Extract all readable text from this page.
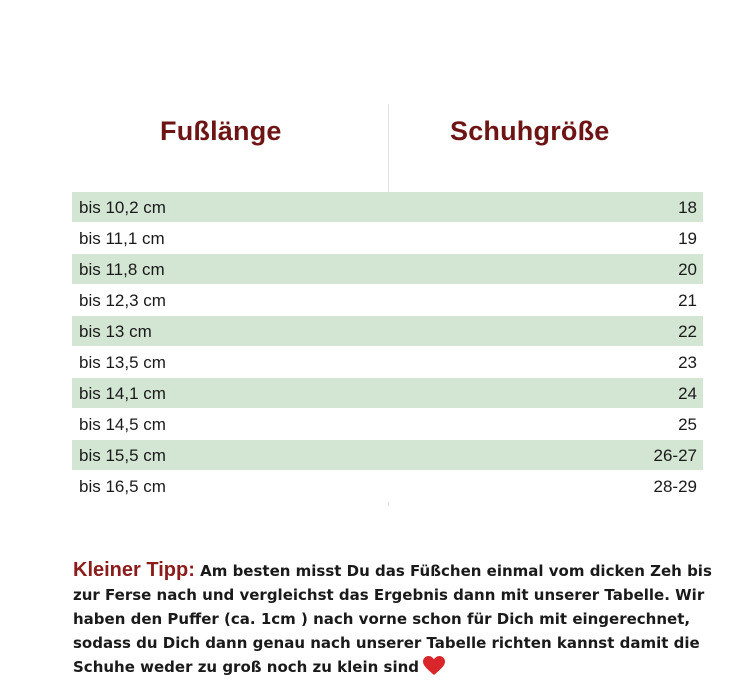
Fußlänge	Schuhgröße
bis 10,2 cm	18
bis 11,1 cm	19
bis 11,8 cm	20
bis 12,3 cm	21
bis 13 cm	22
bis 13,5 cm	23
bis 14,1 cm	24
bis 14,5 cm	25
bis 15,5 cm	26-27
bis 16,5 cm	28-29
Kleiner Tipp: Am besten misst Du das Füßchen einmal vom dicken Zeh bis zur Ferse nach und vergleichst das Ergebnis dann mit unserer Tabelle. Wir haben den Puffer (ca. 1cm ) nach vorne schon für Dich mit eingerechnet, sodass du Dich dann genau nach unserer Tabelle richten kannst damit die Schuhe weder zu groß noch zu klein sind
